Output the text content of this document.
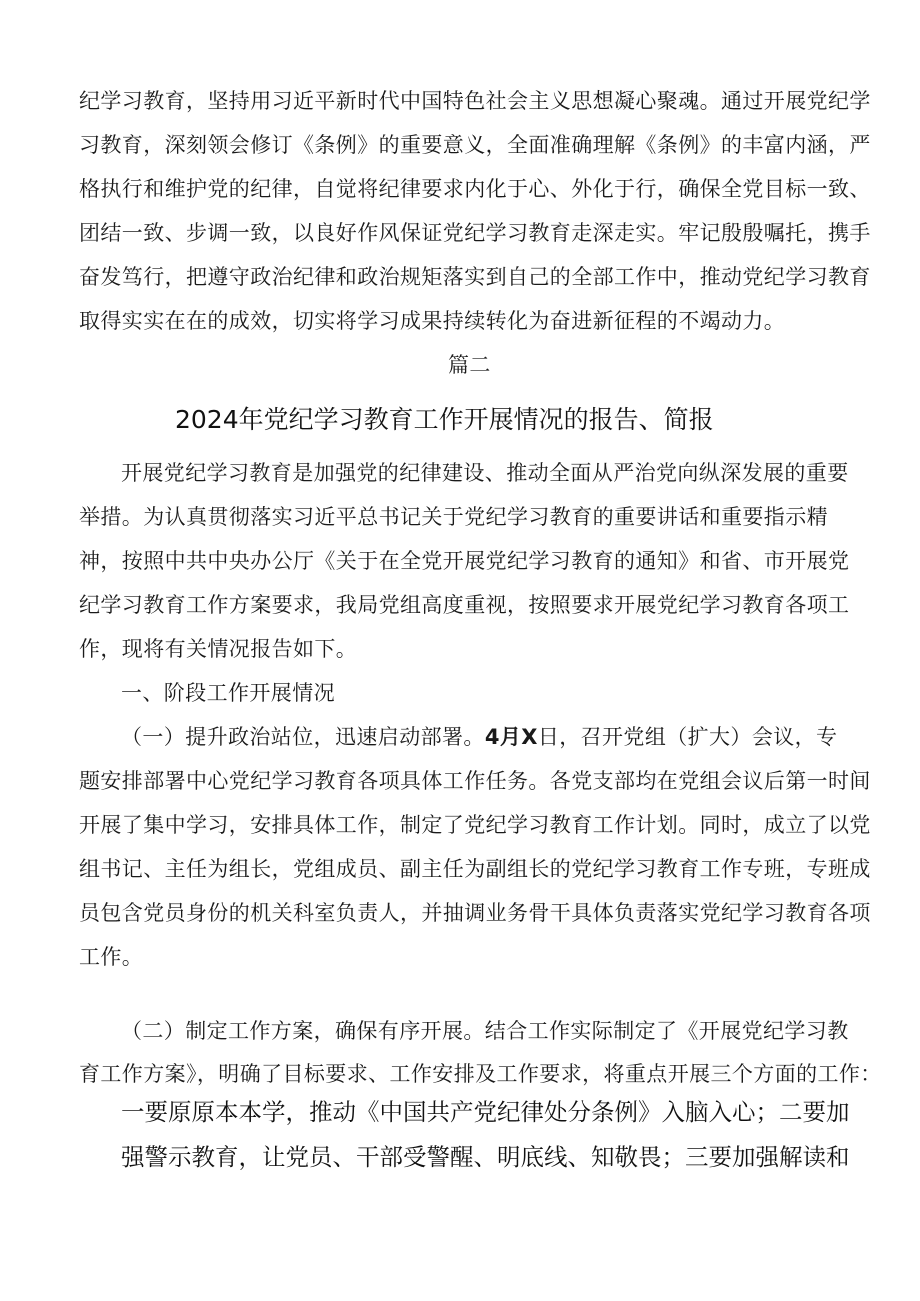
纪学习教育，坚持用习近平新时代中国特色社会主义思想凝心聚魂。通过开展党纪学
习教育，深刻领会修订《条例》的重要意义，全面准确理解《条例》的丰富内涵，严
格执行和维护党的纪律，自觉将纪律要求内化于心、外化于行，确保全党目标一致、
团结一致、步调一致，以良好作风保证党纪学习教育走深走实。牢记殷殷嘱托，携手
奋发笃行，把遵守政治纪律和政治规矩落实到自己的全部工作中，推动党纪学习教育
取得实实在在的成效，切实将学习成果持续转化为奋进新征程的不竭动力。
篇二
2024年党纪学习教育工作开展情况的报告、简报
开展党纪学习教育是加强党的纪律建设、推动全面从严治党向纵深发展的重要
举措。为认真贯彻落实习近平总书记关于党纪学习教育的重要讲话和重要指示精
神，按照中共中央办公厅《关于在全党开展党纪学习教育的通知》和省、市开展党
纪学习教育工作方案要求，我局党组高度重视，按照要求开展党纪学习教育各项工
作，现将有关情况报告如下。
一、阶段工作开展情况
（一）提升政治站位，迅速启动部署。4月X日，召开党组（扩大）会议，专
题安排部署中心党纪学习教育各项具体工作任务。各党支部均在党组会议后第一时间
开展了集中学习，安排具体工作，制定了党纪学习教育工作计划。同时，成立了以党
组书记、主任为组长，党组成员、副主任为副组长的党纪学习教育工作专班，专班成
员包含党员身份的机关科室负责人，并抽调业务骨干具体负责落实党纪学习教育各项
工作。
（二）制定工作方案，确保有序开展。结合工作实际制定了《开展党纪学习教
育工作方案》，明确了目标要求、工作安排及工作要求，将重点开展三个方面的工作：
一要原原本本学，推动《中国共产党纪律处分条例》入脑入心；二要加
强警示教育，让党员、干部受警醒、明底线、知敬畏；三要加强解读和
